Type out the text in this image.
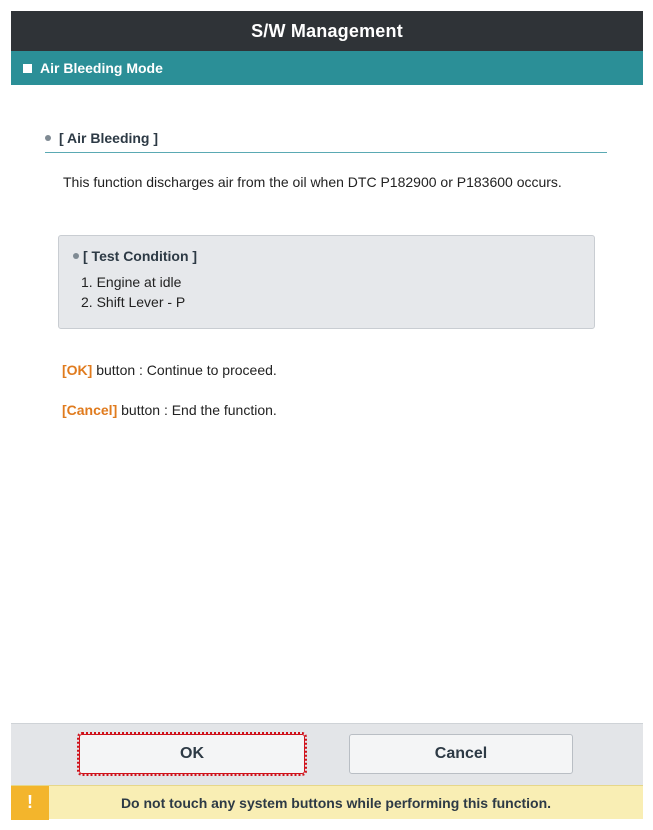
S/W Management
Air Bleeding Mode
[ Air Bleeding ]
This function discharges air from the oil when DTC P182900 or P183600 occurs.
[ Test Condition ]
1. Engine at idle
2. Shift Lever - P
[OK] button : Continue to proceed.
[Cancel] button : End the function.
OK	Cancel
!	Do not touch any system buttons while performing this function.
